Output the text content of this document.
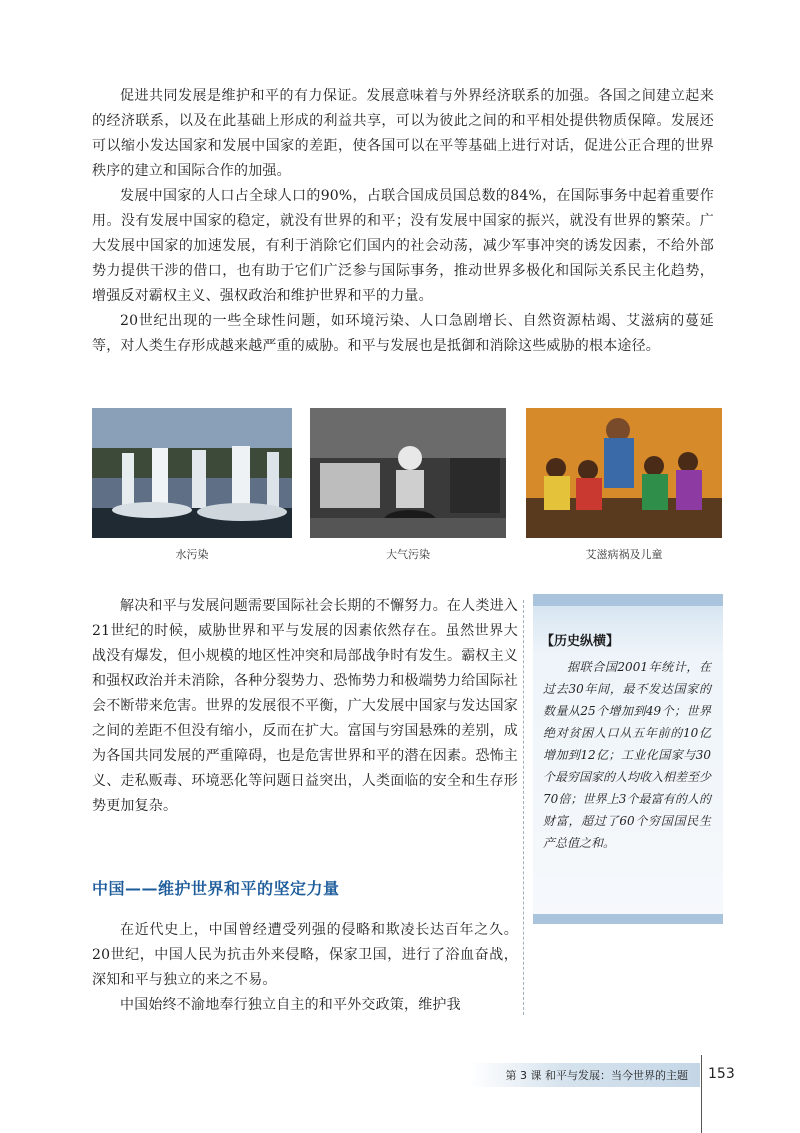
促进共同发展是维护和平的有力保证。发展意味着与外界经济联系的加强。各国之间建立起来的经济联系，以及在此基础上形成的利益共享，可以为彼此之间的和平相处提供物质保障。发展还可以缩小发达国家和发展中国家的差距，使各国可以在平等基础上进行对话，促进公正合理的世界秩序的建立和国际合作的加强。

发展中国家的人口占全球人口的90%，占联合国成员国总数的84%，在国际事务中起着重要作用。没有发展中国家的稳定，就没有世界的和平；没有发展中国家的振兴，就没有世界的繁荣。广大发展中国家的加速发展，有利于消除它们国内的社会动荡，减少军事冲突的诱发因素，不给外部势力提供干涉的借口，也有助于它们广泛参与国际事务，推动世界多极化和国际关系民主化趋势，增强反对霸权主义、强权政治和维护世界和平的力量。

20世纪出现的一些全球性问题，如环境污染、人口急剧增长、自然资源枯竭、艾滋病的蔓延等，对人类生存形成越来越严重的威胁。和平与发展也是抵御和消除这些威胁的根本途径。

水污染	大气污染	艾滋病祸及儿童

解决和平与发展问题需要国际社会长期的不懈努力。在人类进入21世纪的时候，威胁世界和平与发展的因素依然存在。虽然世界大战没有爆发，但小规模的地区性冲突和局部战争时有发生。霸权主义和强权政治并未消除，各种分裂势力、恐怖势力和极端势力给国际社会不断带来危害。世界的发展很不平衡，广大发展中国家与发达国家之间的差距不但没有缩小，反而在扩大。富国与穷国悬殊的差别，成为各国共同发展的严重障碍，也是危害世界和平的潜在因素。恐怖主义、走私贩毒、环境恶化等问题日益突出，人类面临的安全和生存形势更加复杂。

中国——维护世界和平的坚定力量

在近代史上，中国曾经遭受列强的侵略和欺凌长达百年之久。20世纪，中国人民为抗击外来侵略，保家卫国，进行了浴血奋战，深知和平与独立的来之不易。

中国始终不渝地奉行独立自主的和平外交政策，维护我

【历史纵横】

据联合国2001年统计，在过去30年间，最不发达国家的数量从25个增加到49个；世界绝对贫困人口从五年前的10亿增加到12亿；工业化国家与30个最穷国家的人均收入相差至少70倍；世界上3个最富有的人的财富，超过了60个穷国国民生产总值之和。

第 3 课 和平与发展：当今世界的主题 153
